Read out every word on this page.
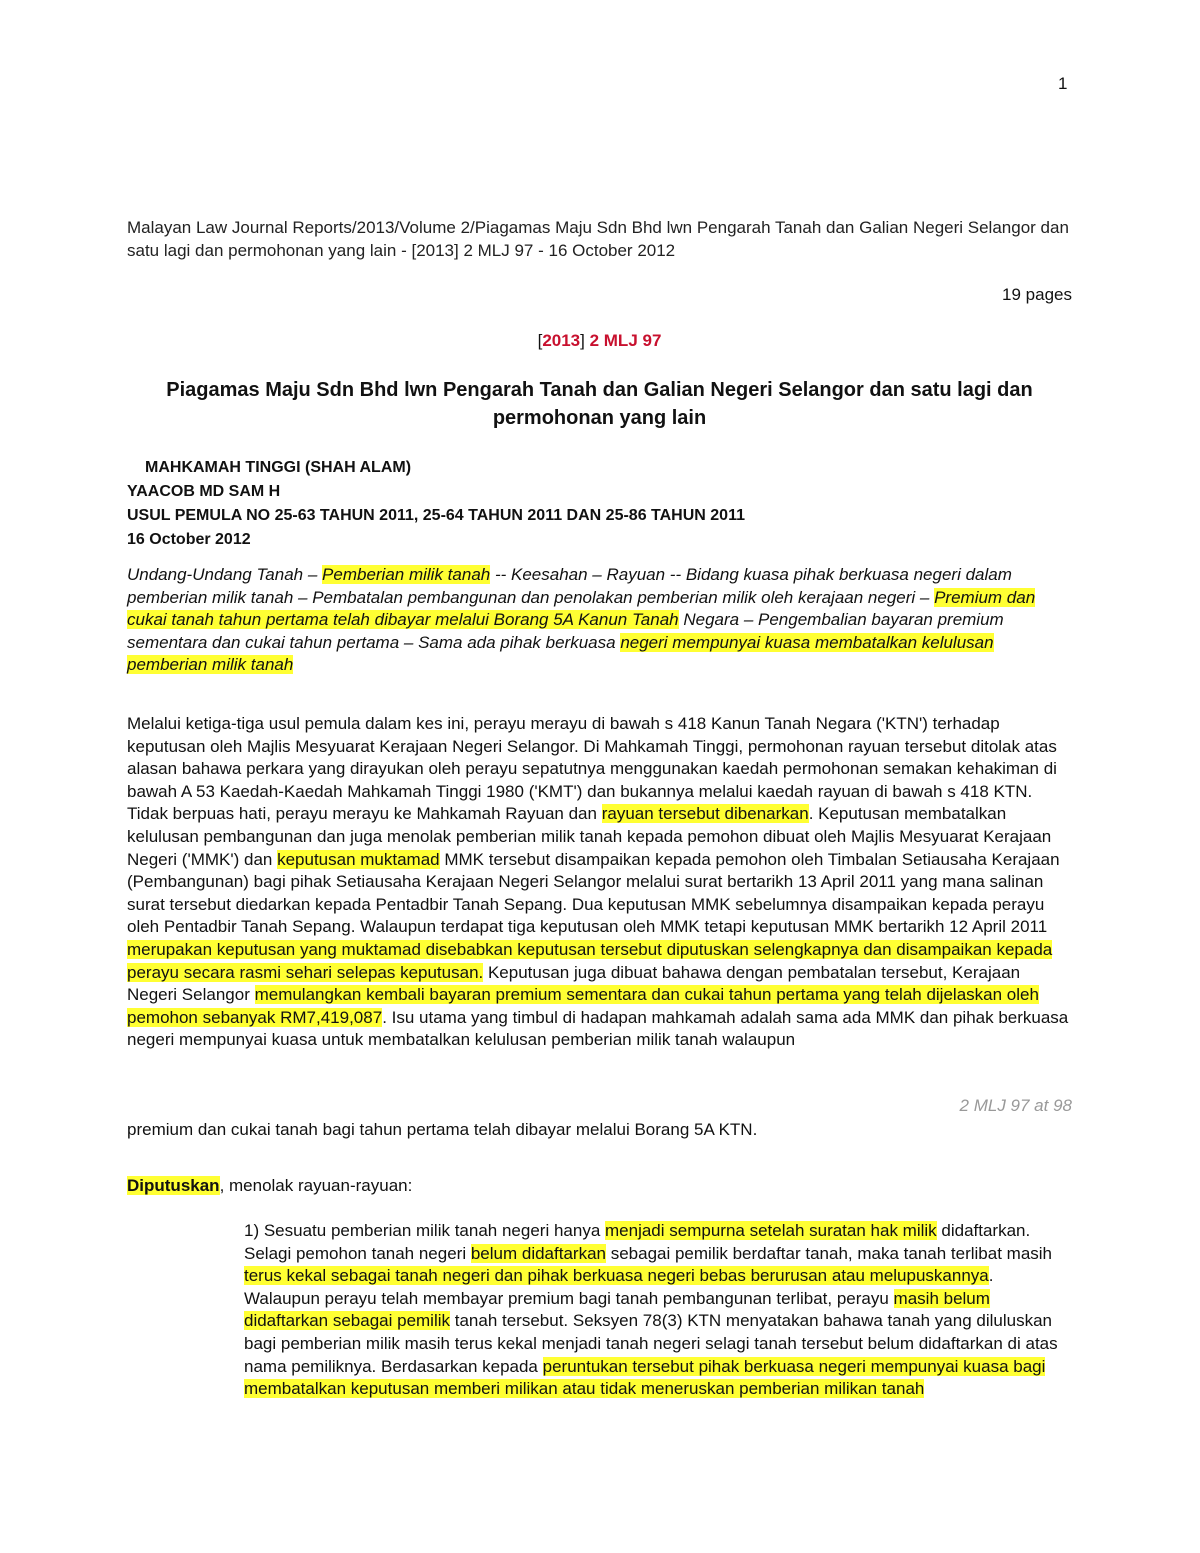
1
Malayan Law Journal Reports/2013/Volume 2/Piagamas Maju Sdn Bhd lwn Pengarah Tanah dan Galian Negeri Selangor dan satu lagi dan permohonan yang lain - [2013] 2 MLJ 97 - 16 October 2012
19 pages
[2013] 2 MLJ 97
Piagamas Maju Sdn Bhd lwn Pengarah Tanah dan Galian Negeri Selangor dan satu lagi dan permohonan yang lain
MAHKAMAH TINGGI (SHAH ALAM)
YAACOB MD SAM H
USUL PEMULA NO 25-63 TAHUN 2011, 25-64 TAHUN 2011 DAN 25-86 TAHUN 2011
16 October 2012
Undang-Undang Tanah – Pemberian milik tanah -- Keesahan – Rayuan -- Bidang kuasa pihak berkuasa negeri dalam pemberian milik tanah – Pembatalan pembangunan dan penolakan pemberian milik oleh kerajaan negeri – Premium dan cukai tanah tahun pertama telah dibayar melalui Borang 5A Kanun Tanah Negara – Pengembalian bayaran premium sementara dan cukai tahun pertama – Sama ada pihak berkuasa negeri mempunyai kuasa membatalkan kelulusan pemberian milik tanah
Melalui ketiga-tiga usul pemula dalam kes ini, perayu merayu di bawah s 418 Kanun Tanah Negara ('KTN') terhadap keputusan oleh Majlis Mesyuarat Kerajaan Negeri Selangor. Di Mahkamah Tinggi, permohonan rayuan tersebut ditolak atas alasan bahawa perkara yang dirayukan oleh perayu sepatutnya menggunakan kaedah permohonan semakan kehakiman di bawah A 53 Kaedah-Kaedah Mahkamah Tinggi 1980 ('KMT') dan bukannya melalui kaedah rayuan di bawah s 418 KTN. Tidak berpuas hati, perayu merayu ke Mahkamah Rayuan dan rayuan tersebut dibenarkan. Keputusan membatalkan kelulusan pembangunan dan juga menolak pemberian milik tanah kepada pemohon dibuat oleh Majlis Mesyuarat Kerajaan Negeri ('MMK') dan keputusan muktamad MMK tersebut disampaikan kepada pemohon oleh Timbalan Setiausaha Kerajaan (Pembangunan) bagi pihak Setiausaha Kerajaan Negeri Selangor melalui surat bertarikh 13 April 2011 yang mana salinan surat tersebut diedarkan kepada Pentadbir Tanah Sepang. Dua keputusan MMK sebelumnya disampaikan kepada perayu oleh Pentadbir Tanah Sepang. Walaupun terdapat tiga keputusan oleh MMK tetapi keputusan MMK bertarikh 12 April 2011 merupakan keputusan yang muktamad disebabkan keputusan tersebut diputuskan selengkapnya dan disampaikan kepada perayu secara rasmi sehari selepas keputusan. Keputusan juga dibuat bahawa dengan pembatalan tersebut, Kerajaan Negeri Selangor memulangkan kembali bayaran premium sementara dan cukai tahun pertama yang telah dijelaskan oleh pemohon sebanyak RM7,419,087. Isu utama yang timbul di hadapan mahkamah adalah sama ada MMK dan pihak berkuasa negeri mempunyai kuasa untuk membatalkan kelulusan pemberian milik tanah walaupun
2 MLJ 97 at 98
premium dan cukai tanah bagi tahun pertama telah dibayar melalui Borang 5A KTN.
Diputuskan, menolak rayuan-rayuan:
1) Sesuatu pemberian milik tanah negeri hanya menjadi sempurna setelah suratan hak milik didaftarkan. Selagi pemohon tanah negeri belum didaftarkan sebagai pemilik berdaftar tanah, maka tanah terlibat masih terus kekal sebagai tanah negeri dan pihak berkuasa negeri bebas berurusan atau melupuskannya. Walaupun perayu telah membayar premium bagi tanah pembangunan terlibat, perayu masih belum didaftarkan sebagai pemilik tanah tersebut. Seksyen 78(3) KTN menyatakan bahawa tanah yang diluluskan bagi pemberian milik masih terus kekal menjadi tanah negeri selagi tanah tersebut belum didaftarkan di atas nama pemiliknya. Berdasarkan kepada peruntukan tersebut pihak berkuasa negeri mempunyai kuasa bagi membatalkan keputusan memberi milikan atau tidak meneruskan pemberian milikan tanah
